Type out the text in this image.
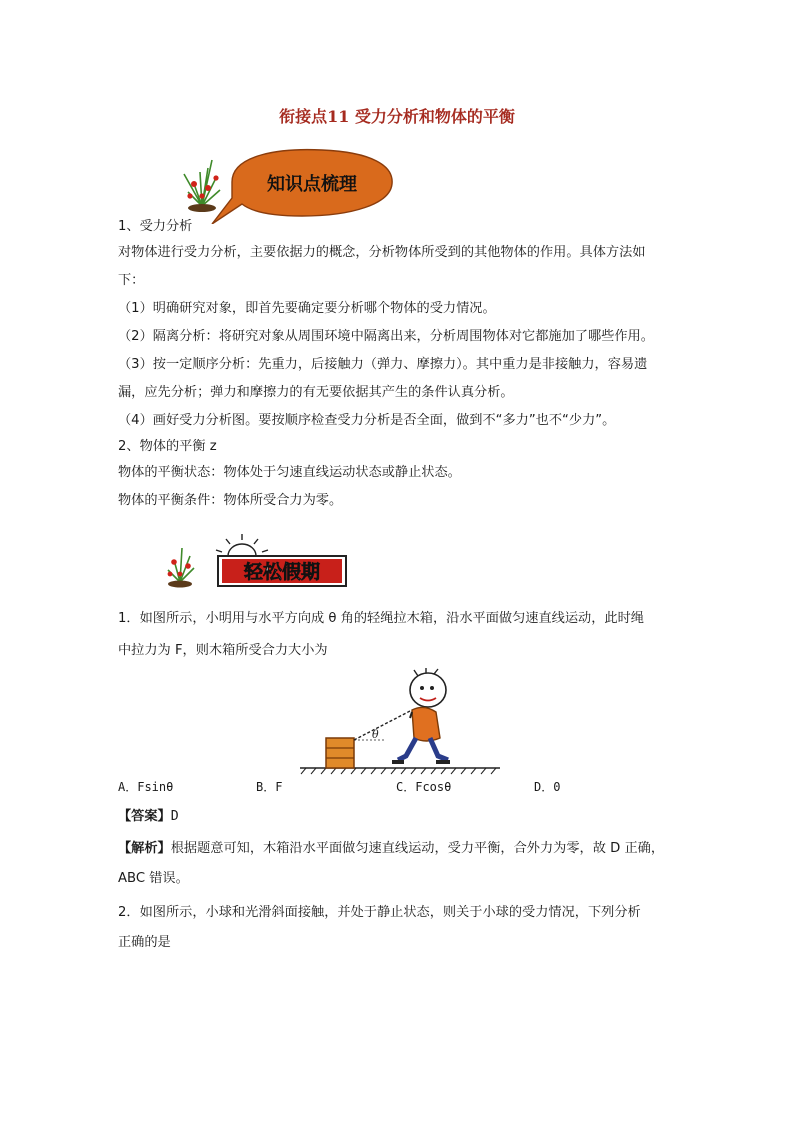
衔接点11 受力分析和物体的平衡
知识点梳理
1、受力分析
对物体进行受力分析，主要依据力的概念，分析物体所受到的其他物体的作用。具体方法如
下：
（1）明确研究对象，即首先要确定要分析哪个物体的受力情况。
（2）隔离分析：将研究对象从周围环境中隔离出来，分析周围物体对它都施加了哪些作用。
（3）按一定顺序分析：先重力，后接触力（弹力、摩擦力）。其中重力是非接触力，容易遗
漏，应先分析；弹力和摩擦力的有无要依据其产生的条件认真分析。
（4）画好受力分析图。要按顺序检查受力分析是否全面，做到不“多力”也不“少力”。
2、物体的平衡 z
物体的平衡状态：物体处于匀速直线运动状态或静止状态。
物体的平衡条件：物体所受合力为零。
轻松假期
1．如图所示，小明用与水平方向成 θ 角的轻绳拉木箱，沿水平面做匀速直线运动，此时绳
中拉力为 F，则木箱所受合力大小为
θ
A．Fsinθ	B．F	C．Fcosθ	D．0
【答案】D
【解析】根据题意可知，木箱沿水平面做匀速直线运动，受力平衡，合外力为零，故 D 正确，
ABC 错误。
2．如图所示，小球和光滑斜面接触，并处于静止状态，则关于小球的受力情况，下列分析
正确的是
